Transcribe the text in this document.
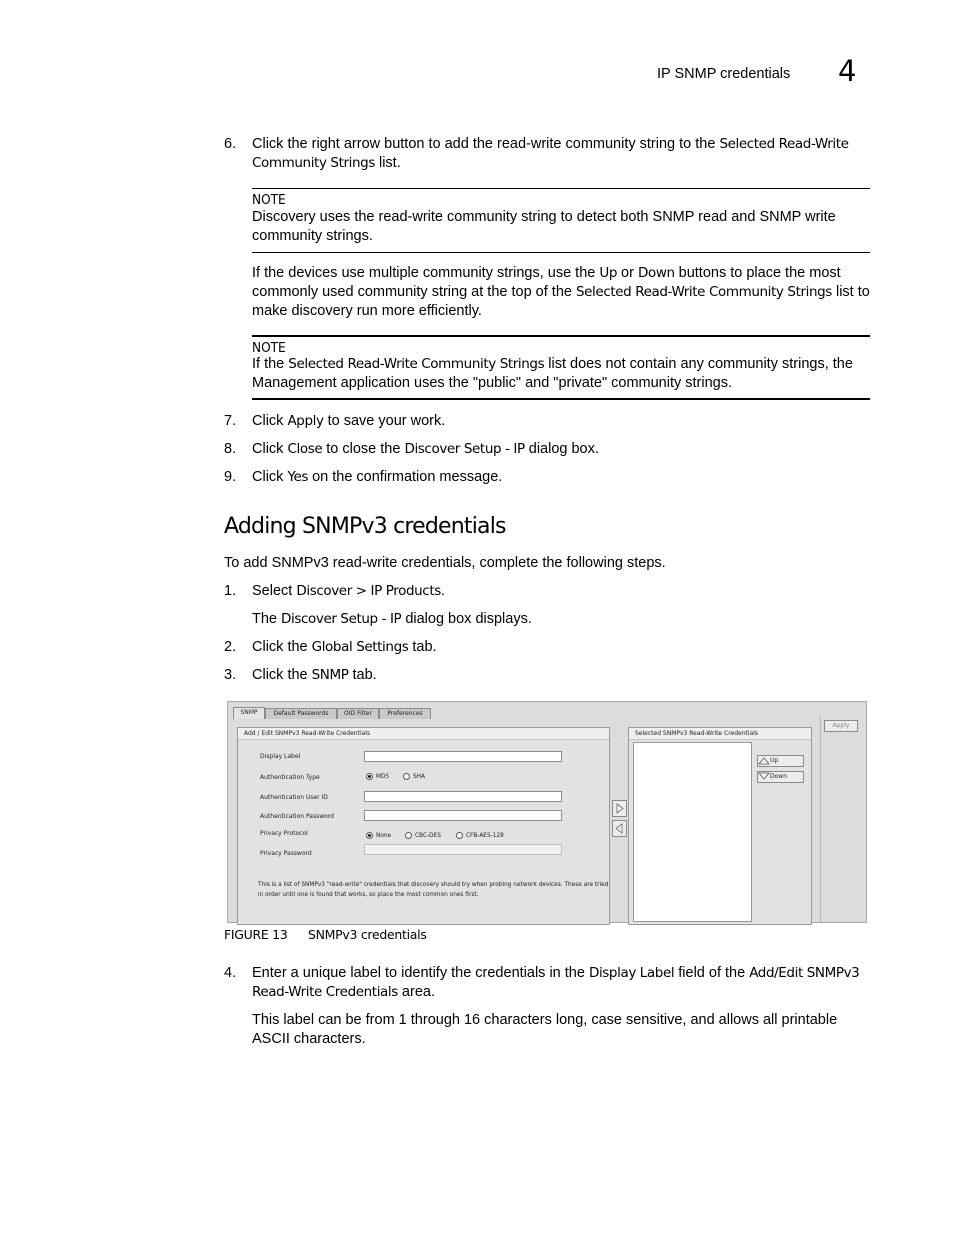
IP SNMP credentials 4
6. Click the right arrow button to add the read-write community string to the Selected Read-Write Community Strings list.
NOTE
Discovery uses the read-write community string to detect both SNMP read and SNMP write community strings.
If the devices use multiple community strings, use the Up or Down buttons to place the most commonly used community string at the top of the Selected Read-Write Community Strings list to make discovery run more efficiently.
NOTE
If the Selected Read-Write Community Strings list does not contain any community strings, the Management application uses the "public" and "private" community strings.
7. Click Apply to save your work.
8. Click Close to close the Discover Setup - IP dialog box.
9. Click Yes on the confirmation message.
Adding SNMPv3 credentials
To add SNMPv3 read-write credentials, complete the following steps.
1. Select Discover > IP Products.
The Discover Setup - IP dialog box displays.
2. Click the Global Settings tab.
3. Click the SNMP tab.
SNMP	Default Passwords	OID Filter	Preferences
Apply
Add / Edit SNMPv3 Read-Write Credentials
Display Label
Authentication Type	MD5	SHA
Authentication User ID
Authentication Password
Privacy Protocol	None	CBC-DES	CFB-AES-128
Privacy Password
This is a list of SNMPv3 "read-write" credentials that discovery should try when probing network devices. These are tried in order until one is found that works, so place the most common ones first.
Selected SNMPv3 Read-Write Credentials
Up
Down
FIGURE 13 SNMPv3 credentials
4. Enter a unique label to identify the credentials in the Display Label field of the Add/Edit SNMPv3 Read-Write Credentials area.
This label can be from 1 through 16 characters long, case sensitive, and allows all printable ASCII characters.
